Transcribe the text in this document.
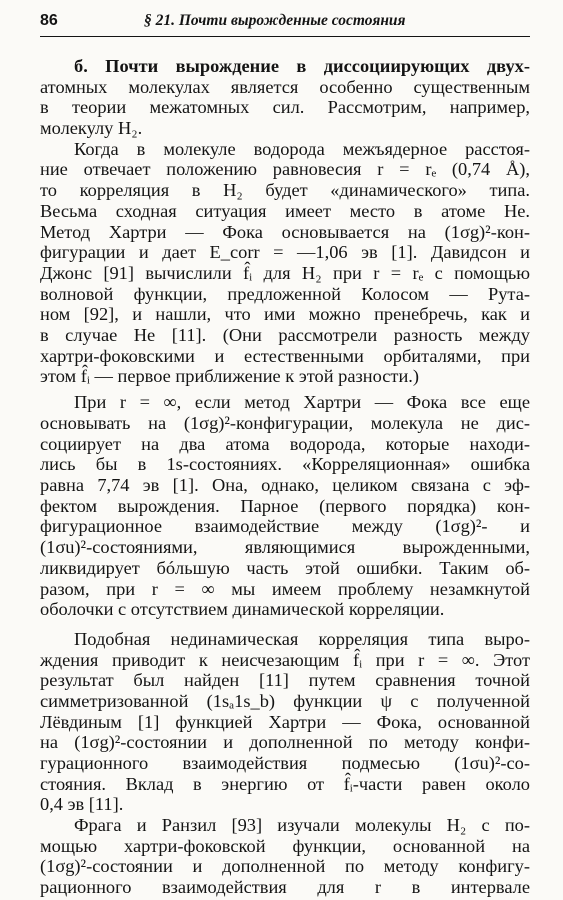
86	§ 21. Почти вырожденные состояния
б. Почти вырождение в диссоциирующих двух-
атомных молекулах является особенно существенным
в теории межатомных сил. Рассмотрим, например,
молекулу H₂.
Когда в молекуле водорода межъядерное расстоя-
ние отвечает положению равновесия r = rₑ (0,74 Å),
то корреляция в H₂ будет «динамического» типа.
Весьма сходная ситуация имеет место в атоме He.
Метод Хартри — Фока основывается на (1σg)²-кон-
фигурации и дает E_corr = —1,06 эв [1]. Давидсон и
Джонс [91] вычислили f̂ᵢ для H₂ при r = rₑ с помощью
волновой функции, предложенной Колосом — Рута-
ном [92], и нашли, что ими можно пренебречь, как и
в случае He [11]. (Они рассмотрели разность между
хартри-фоковскими и естественными орбиталями, при
этом f̂ᵢ — первое приближение к этой разности.)
При r = ∞, если метод Хартри — Фока все еще
основывать на (1σg)²-конфигурации, молекула не дис-
социирует на два атома водорода, которые находи-
лись бы в 1s-состояниях. «Корреляционная» ошибка
равна 7,74 эв [1]. Она, однако, целиком связана с эф-
фектом вырождения. Парное (первого порядка) кон-
фигурационное взаимодействие между (1σg)²- и
(1σu)²-состояниями, являющимися вырожденными,
ликвидирует бóльшую часть этой ошибки. Таким об-
разом, при r = ∞ мы имеем проблему незамкнутой
оболочки с отсутствием динамической корреляции.
Подобная нединамическая корреляция типа выро-
ждения приводит к неисчезающим f̂ᵢ при r = ∞. Этот
результат был найден [11] путем сравнения точной
симметризованной (1sₐ1s_b) функции ψ с полученной
Лёвдиным [1] функцией Хартри — Фока, основанной
на (1σg)²-состоянии и дополненной по методу конфи-
гурационного взаимодействия подмесью (1σu)²-со-
стояния. Вклад в энергию от f̂ᵢ-части равен около
0,4 эв [11].
Фрага и Ранзил [93] изучали молекулы H₂ с по-
мощью хартри-фоковской функции, основанной на
(1σg)²-состоянии и дополненной по методу конфигу-
рационного взаимодействия для r в интервале
